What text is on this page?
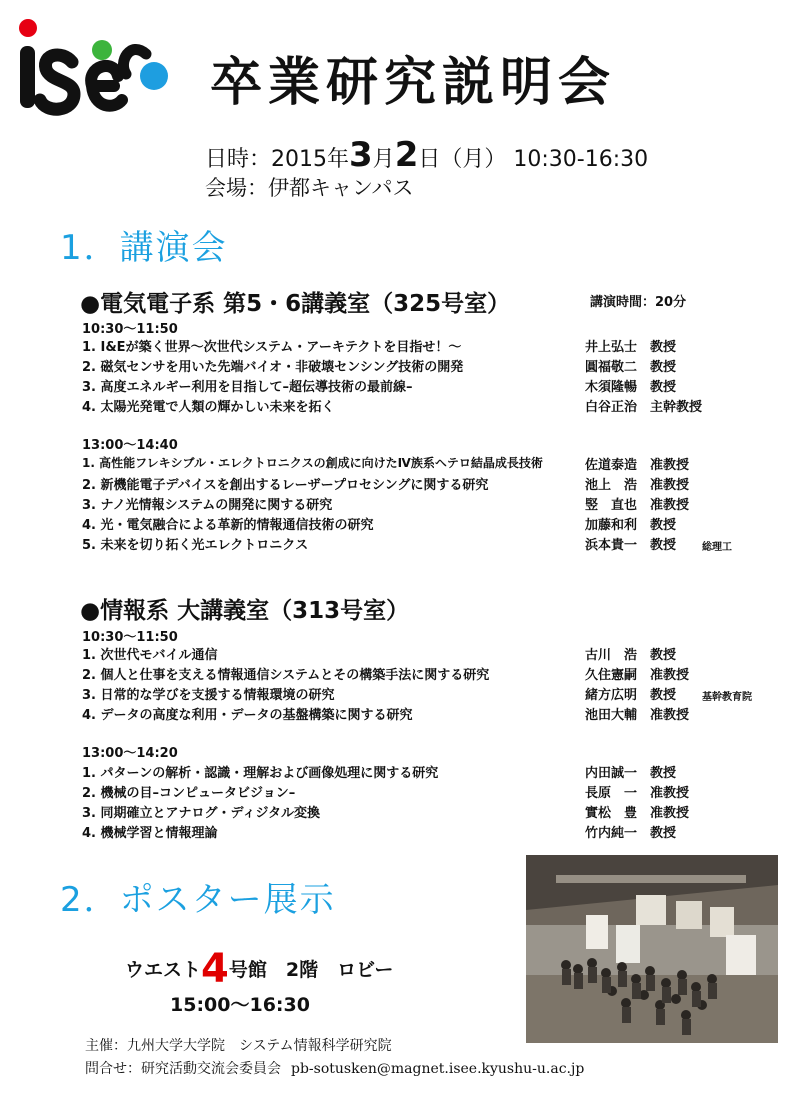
卒業研究説明会
日時：2015年3月2日（月） 10:30-16:30
会場：伊都キャンパス
1．講演会
●電気電子系 第5・6講義室（325号室）	講演時間：20分
10:30～11:50
1. I&Eが築く世界～次世代システム・アーキテクトを目指せ！～	井上弘士　教授
2. 磁気センサを用いた先端バイオ・非破壊センシング技術の開発	圓福敬二　教授
3. 高度エネルギー利用を目指して–超伝導技術の最前線–	木須隆暢　教授
4. 太陽光発電で人類の輝かしい未来を拓く	白谷正治　主幹教授
13:00～14:40
1. 高性能フレキシブル・エレクトロニクスの創成に向けたⅣ族系ヘテロ結晶成長技術	佐道泰造　准教授
2. 新機能電子デバイスを創出するレーザープロセシングに関する研究	池上　浩　准教授
3. ナノ光情報システムの開発に関する研究	竪　直也　准教授
4. 光・電気融合による革新的情報通信技術の研究	加藤和利　教授
5. 未来を切り拓く光エレクトロニクス	浜本貴一　教授	総理工
●情報系 大講義室（313号室）
10:30～11:50
1. 次世代モバイル通信	古川　浩　教授
2. 個人と仕事を支える情報通信システムとその構築手法に関する研究	久住憲嗣　准教授
3. 日常的な学びを支援する情報環境の研究	緒方広明　教授	基幹教育院
4. データの高度な利用・データの基盤構築に関する研究	池田大輔　准教授
13:00～14:20
1. パターンの解析・認識・理解および画像処理に関する研究	内田誠一　教授
2. 機械の目–コンピュータビジョン–	長原　一　准教授
3. 同期確立とアナログ・ディジタル変換	實松　豊　准教授
4. 機械学習と情報理論	竹内純一　教授
2．ポスター展示
ウエスト4号館　2階　ロビー
15:00～16:30
主催：九州大学大学院　システム情報科学研究院
問合せ：研究活動交流会委員会 pb-sotusken@magnet.isee.kyushu-u.ac.jp
